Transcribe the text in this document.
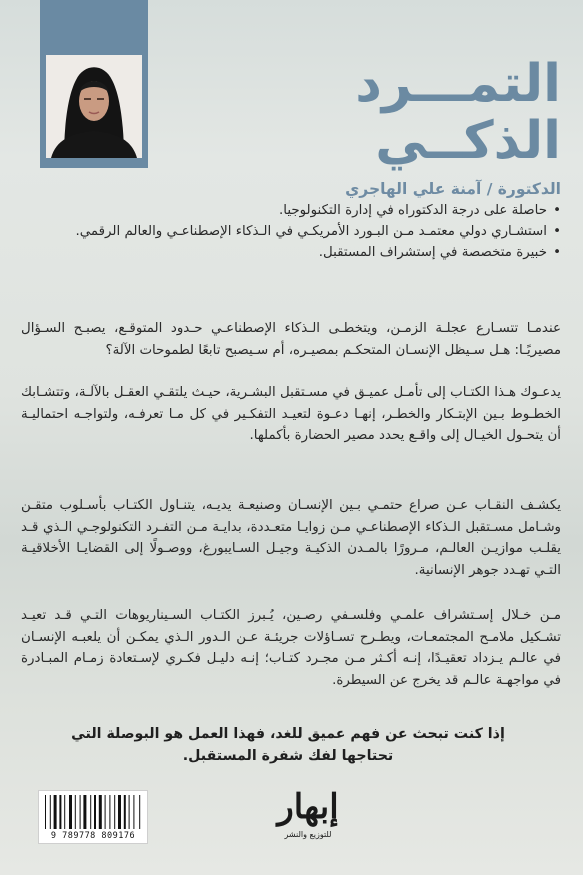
التمـــرد
الذكــي
الدكتورة / آمنة علي الهاجري
• حاصلة على درجة الدكتوراه في إدارة التكنولوجيا.
• استشـاري دولي معتمـد مـن البـورد الأمريكـي في الـذكاء الإصطناعـي والعالم الرقمي.
• خبيرة متخصصة في إستشراف المستقبل.

عندمـا تتسـارع عجلـة الزمـن، ويتخطـى الـذكاء الإصطناعـي حـدود المتوقـع، يصبـح السـؤال مصيريًـا: هـل سـيظل الإنسـان المتحكـم بمصيـره، أم سـيصبح تابعًا لطموحات الآلة؟

يدعـوك هـذا الكتـاب إلى تأمـل عميـق في مسـتقبل البشـرية، حيـث يلتقـي العقـل بالآلـة، وتتشـابك الخطـوط بـين الإبتـكار والخطـر، إنهـا دعـوة لتعيـد التفكـير في كل مـا تعرفـه، ولتواجـه احتماليـة أن يتحـول الخيـال إلى واقـع يحدد مصير الحضارة بأكملها.

يكشـف النقـاب عـن صراع حتمـي بـين الإنسـان وصنيعـة يديـه، يتنـاول الكتـاب بأسـلوب متقـن وشـامل مسـتقبل الـذكاء الإصطناعـي مـن زوايـا متعـددة، بدايـة مـن التفـرد التكنولوجـي الـذي قـد يقلـب موازيـن العالـم، مـرورًا بالمـدن الذكيـة وجيـل السـايبورغ، ووصـولًا إلى القضايـا الأخلاقيـة التـي تهـدد جوهر الإنسانية.

مـن خـلال إسـتشراف علمـي وفلسـفي رصـين، يُـبرز الكتـاب السـيناريوهات التـي قـد تعيـد تشـكيل ملامـح المجتمعـات، ويطـرح تسـاؤلات جريئـة عـن الـدور الـذي يمكـن أن يلعبـه الإنسـان في عالـم يـزداد تعقيـدًا، إنـه أكـثر مـن مجـرد كتـاب؛ إنـه دليـل فكـري لإسـتعادة زمـام المبـادرة في مواجهـة عالـم قد يخرج عن السيطرة.

إذا كنت تبحث عن فهم عميق للغد، فهذا العمل هو البوصلة التي تحتاجها لفك شفرة المستقبل.

9 789778 809176
إبهار
للتوزيع والنشر
